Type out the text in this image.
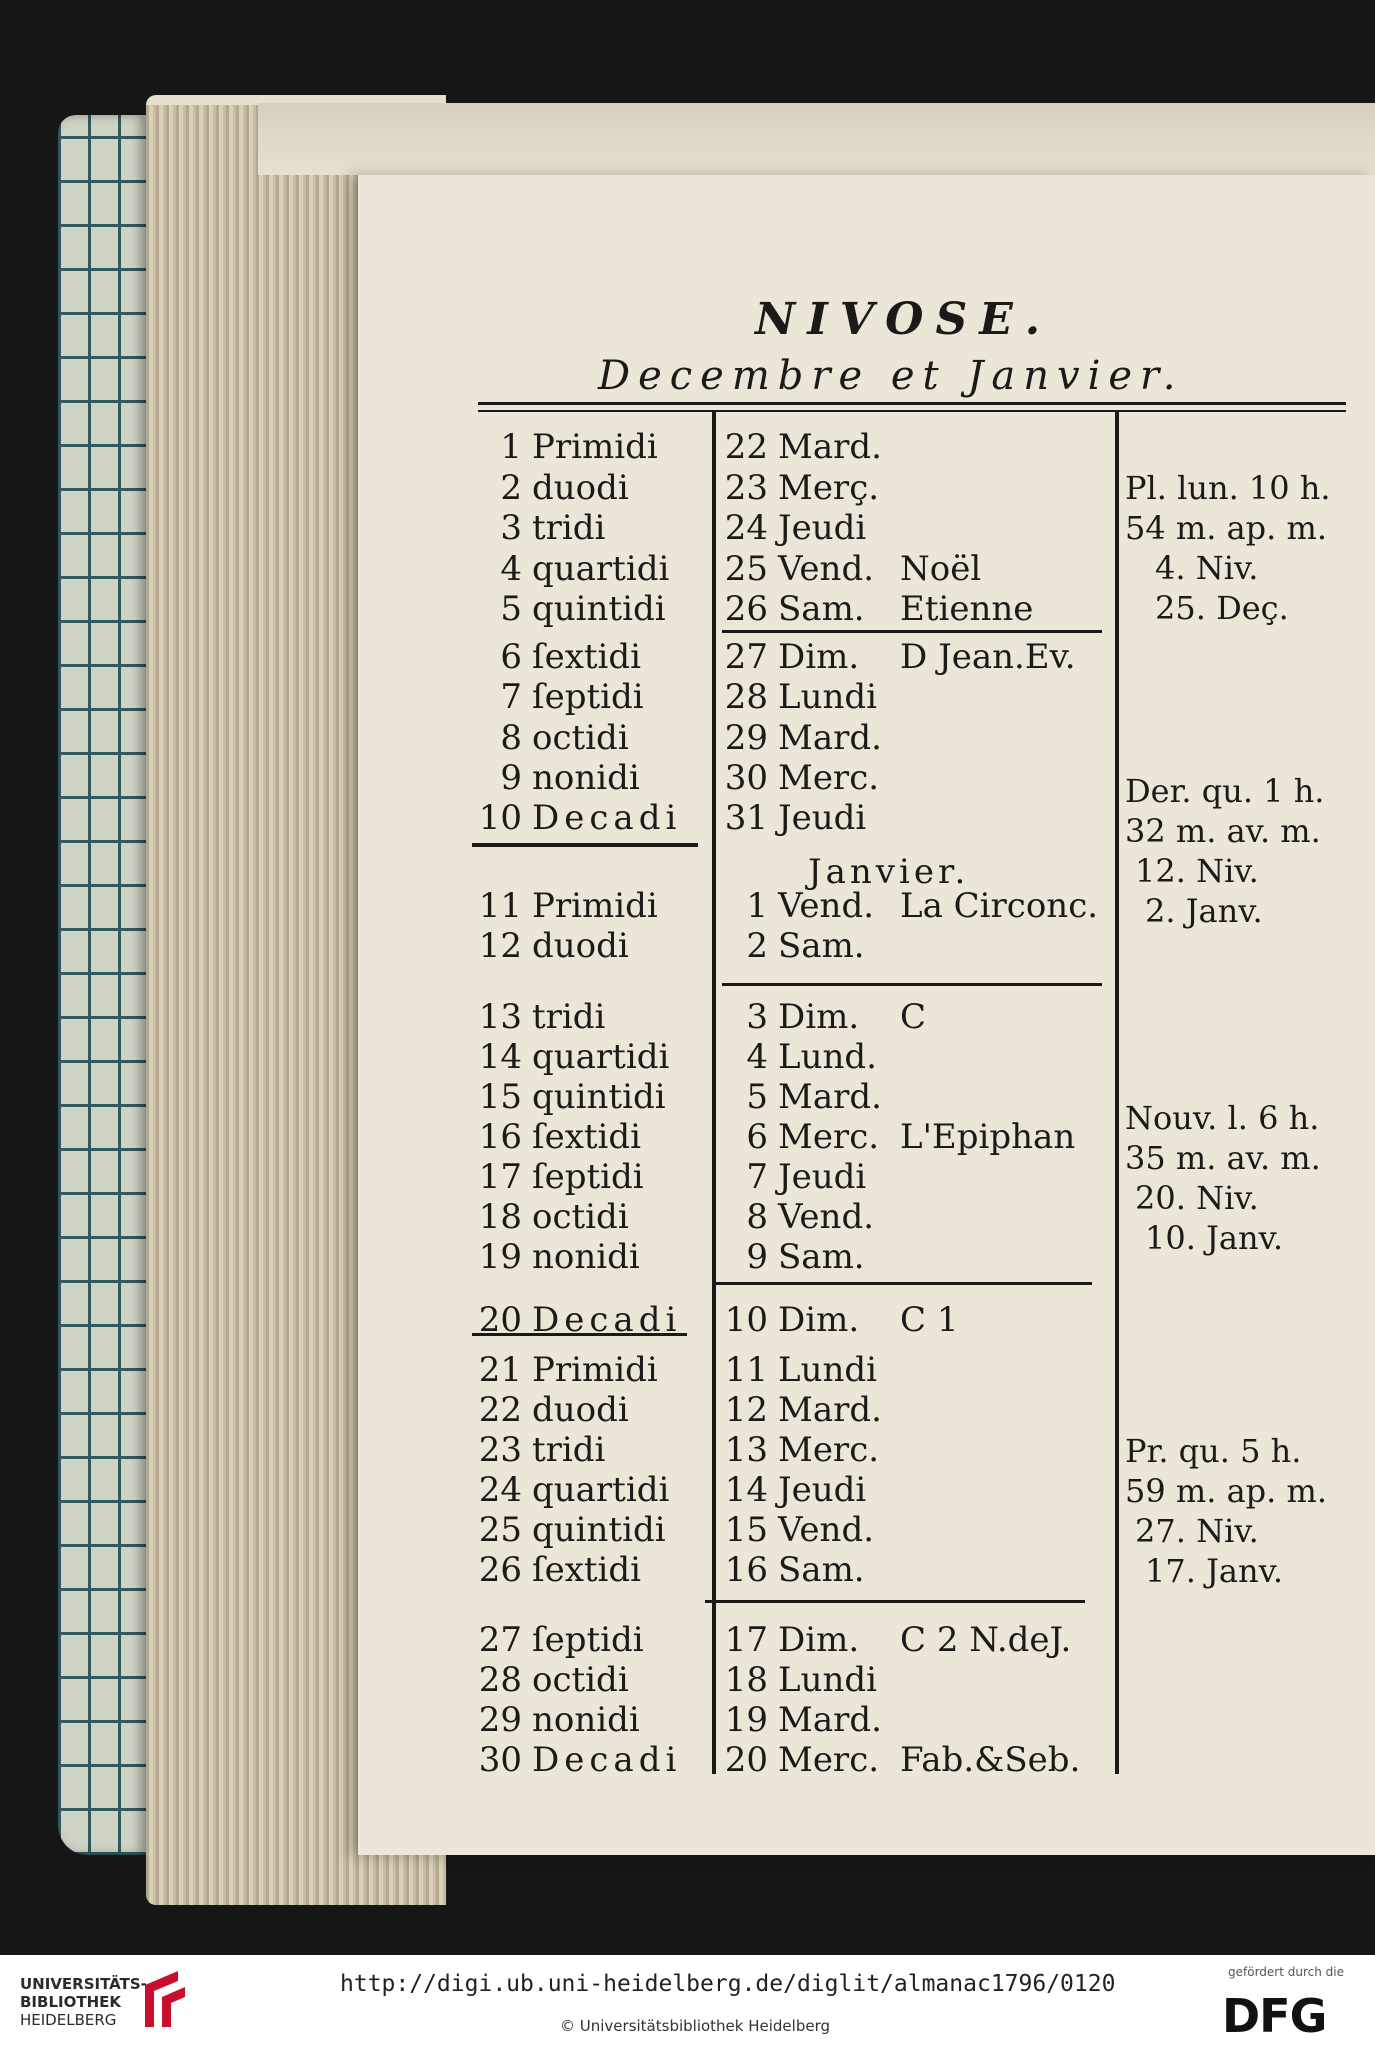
NIVOSE.
Decembre et Janvier.
1 Primidi
2 duodi
3 tridi
4 quartidi
5 quintidi
6 ſextidi
7 ſeptidi
8 octidi
9 nonidi
10 Decadi
11 Primidi
12 duodi
13 tridi
14 quartidi
15 quintidi
16 ſextidi
17 ſeptidi
18 octidi
19 nonidi
20 Decadi
21 Primidi
22 duodi
23 tridi
24 quartidi
25 quintidi
26 ſextidi
27 ſeptidi
28 octidi
29 nonidi
30 Decadi
22 Mard.
23 Merç.
24 Jeudi
25 Vend. Noël
26 Sam. Etienne
27 Dim. D Jean.Ev.
28 Lundi
29 Mard.
30 Merc.
31 Jeudi
1 Vend. La Circonc.
2 Sam.
3 Dim. C
4 Lund.
5 Mard.
6 Merc. L'Epiphan
7 Jeudi
8 Vend.
9 Sam.
10 Dim. C 1
11 Lundi
12 Mard.
13 Merc.
14 Jeudi
15 Vend.
16 Sam.
17 Dim. C 2 N.deJ.
18 Lundi
19 Mard.
20 Merc. Fab.&Seb.
Janvier.
Pl. lun. 10 h.
54 m. ap. m.
4. Niv.
25. Deç.
Der. qu. 1 h.
32 m. av. m.
12. Niv.
2. Janv.
Nouv. l. 6 h.
35 m. av. m.
20. Niv.
10. Janv.
Pr. qu. 5 h.
59 m. ap. m.
27. Niv.
17. Janv.
UNIVERSITÄTS-
BIBLIOTHEK
HEIDELBERG
http://digi.ub.uni-heidelberg.de/diglit/almanac1796/0120
© Universitätsbibliothek Heidelberg
gefördert durch die
DFG
